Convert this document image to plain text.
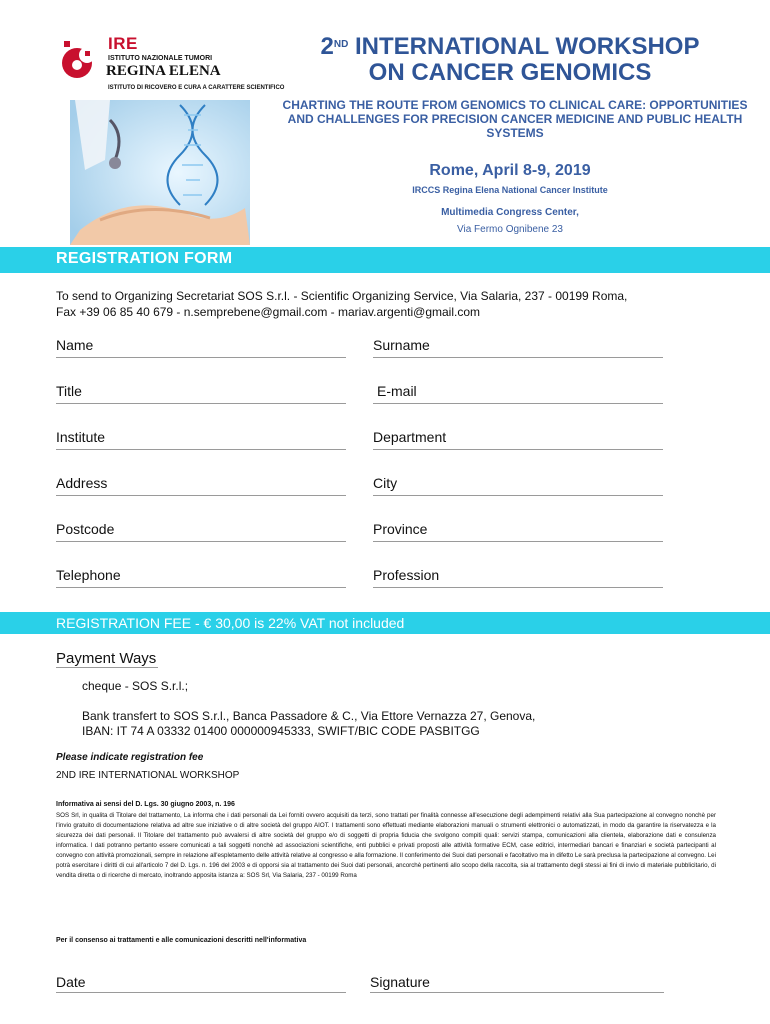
IRE
ISTITUTO NAZIONALE TUMORI
REGINA ELENA
ISTITUTO DI RICOVERO E CURA A CARATTERE SCIENTIFICO
2ND INTERNATIONAL WORKSHOP
ON CANCER GENOMICS
CHARTING THE ROUTE FROM GENOMICS TO CLINICAL CARE: OPPORTUNITIES AND CHALLENGES FOR PRECISION CANCER MEDICINE AND PUBLIC HEALTH SYSTEMS
Rome, April 8-9, 2019
IRCCS Regina Elena National Cancer Institute
Multimedia Congress Center,
Via Fermo Ognibene 23
REGISTRATION FORM
To send to Organizing Secretariat SOS S.r.l. - Scientific Organizing Service, Via Salaria, 237 - 00199 Roma,
Fax +39 06 85 40 679 - n.semprebene@gmail.com - mariav.argenti@gmail.com
Name	Surname
Title	E-mail
Institute	Department
Address	City
Postcode	Province
Telephone	Profession
REGISTRATION FEE - € 30,00 is 22% VAT not included
Payment Ways
cheque - SOS S.r.l.;
Bank transfert to SOS S.r.l., Banca Passadore & C., Via Ettore Vernazza 27, Genova,
IBAN: IT 74 A 03332 01400 000000945333, SWIFT/BIC CODE PASBITGG
Please indicate registration fee
2ND IRE INTERNATIONAL WORKSHOP
Informativa ai sensi del D. Lgs. 30 giugno 2003, n. 196
SOS Srl, in qualita di Titolare del trattamento, La informa che i dati personali da Lei forniti ovvero acquisiti da terzi, sono trattati per finalità connesse all'esecuzione degli adempimenti relativi alla Sua partecipazione al convegno nonchè per l'invio gratuito di documentazione relativa ad altre sue iniziative o di altre società del gruppo AIOT. I trattamenti sono effettuati mediante elaborazioni manuali o strumenti elettronici o automatizzati, in modo da garantire la riservatezza e la sicurezza dei dati personali. Il Titolare del trattamento può avvalersi di altre società del gruppo e/o di soggetti di propria fiducia che svolgono compiti quali: servizi stampa, comunicazioni alla clientela, elaborazione dati e consulenza informatica. I dati potranno pertanto essere comunicati a tali soggetti nonchè ad associazioni scientifiche, enti pubblici e privati proposti alle attività formative ECM, case editrici, intermediari bancari e finanziari e società partecipanti al convegno con attività promozionali, sempre in relazione all'espletamento delle attività relative al congresso e alla formazione. Il conferimento dei Suoi dati personali e facoltativo ma in difetto Le sarà preclusa la partecipazione al convegno. Lei potrà esercitare i diritti di cui all'articolo 7 del D. Lgs. n. 196 del 2003 e di opporsi sia al trattamento dei Suoi dati personali, ancorchè pertinenti allo scopo della raccolta, sia al trattamento degli stessi ai fini di invio di materiale pubblicitario, di vendita diretta o di ricerche di mercato, inoltrando apposita istanza a: SOS Srl, Via Salaria, 237 - 00199 Roma
Per il consenso ai trattamenti e alle comunicazioni descritti nell'informativa
Date	Signature
